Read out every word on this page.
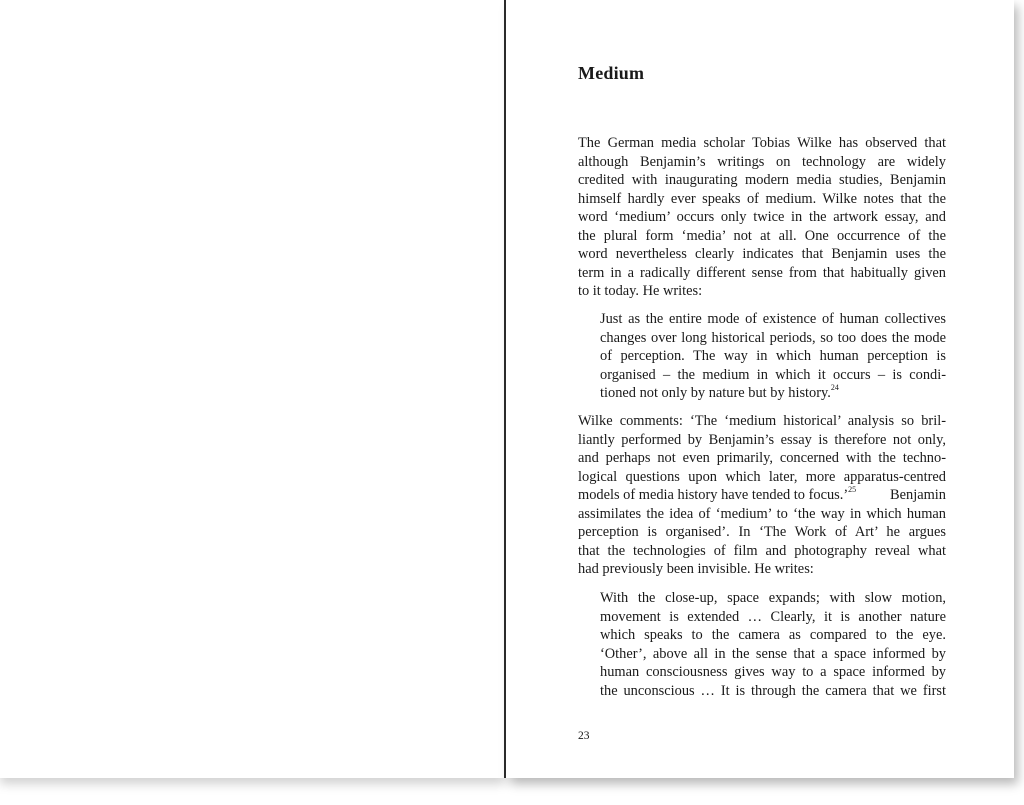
Medium

The German media scholar Tobias Wilke has observed that
although Benjamin’s writings on technology are widely
credited with inaugurating modern media studies, Benjamin
himself hardly ever speaks of medium. Wilke notes that the
word ‘medium’ occurs only twice in the artwork essay, and
the plural form ‘media’ not at all. One occurrence of the
word nevertheless clearly indicates that Benjamin uses the
term in a radically different sense from that habitually given
to it today. He writes:

Just as the entire mode of existence of human collectives
changes over long historical periods, so too does the mode
of perception. The way in which human perception is
organised – the medium in which it occurs – is condi-
tioned not only by nature but by history.$^{24}$

Wilke comments: ‘The ‘medium historical’ analysis so bril-
liantly performed by Benjamin’s essay is therefore not only,
and perhaps not even primarily, concerned with the techno-
logical questions upon which later, more apparatus-centred
models of media history have tended to focus.’$^{25}$ Benjamin
assimilates the idea of ‘medium’ to ‘the way in which human
perception is organised’. In ‘The Work of Art’ he argues
that the technologies of film and photography reveal what
had previously been invisible. He writes:

With the close-up, space expands; with slow motion,
movement is extended … Clearly, it is another nature
which speaks to the camera as compared to the eye.
‘Other’, above all in the sense that a space informed by
human consciousness gives way to a space informed by
the unconscious … It is through the camera that we first

23
